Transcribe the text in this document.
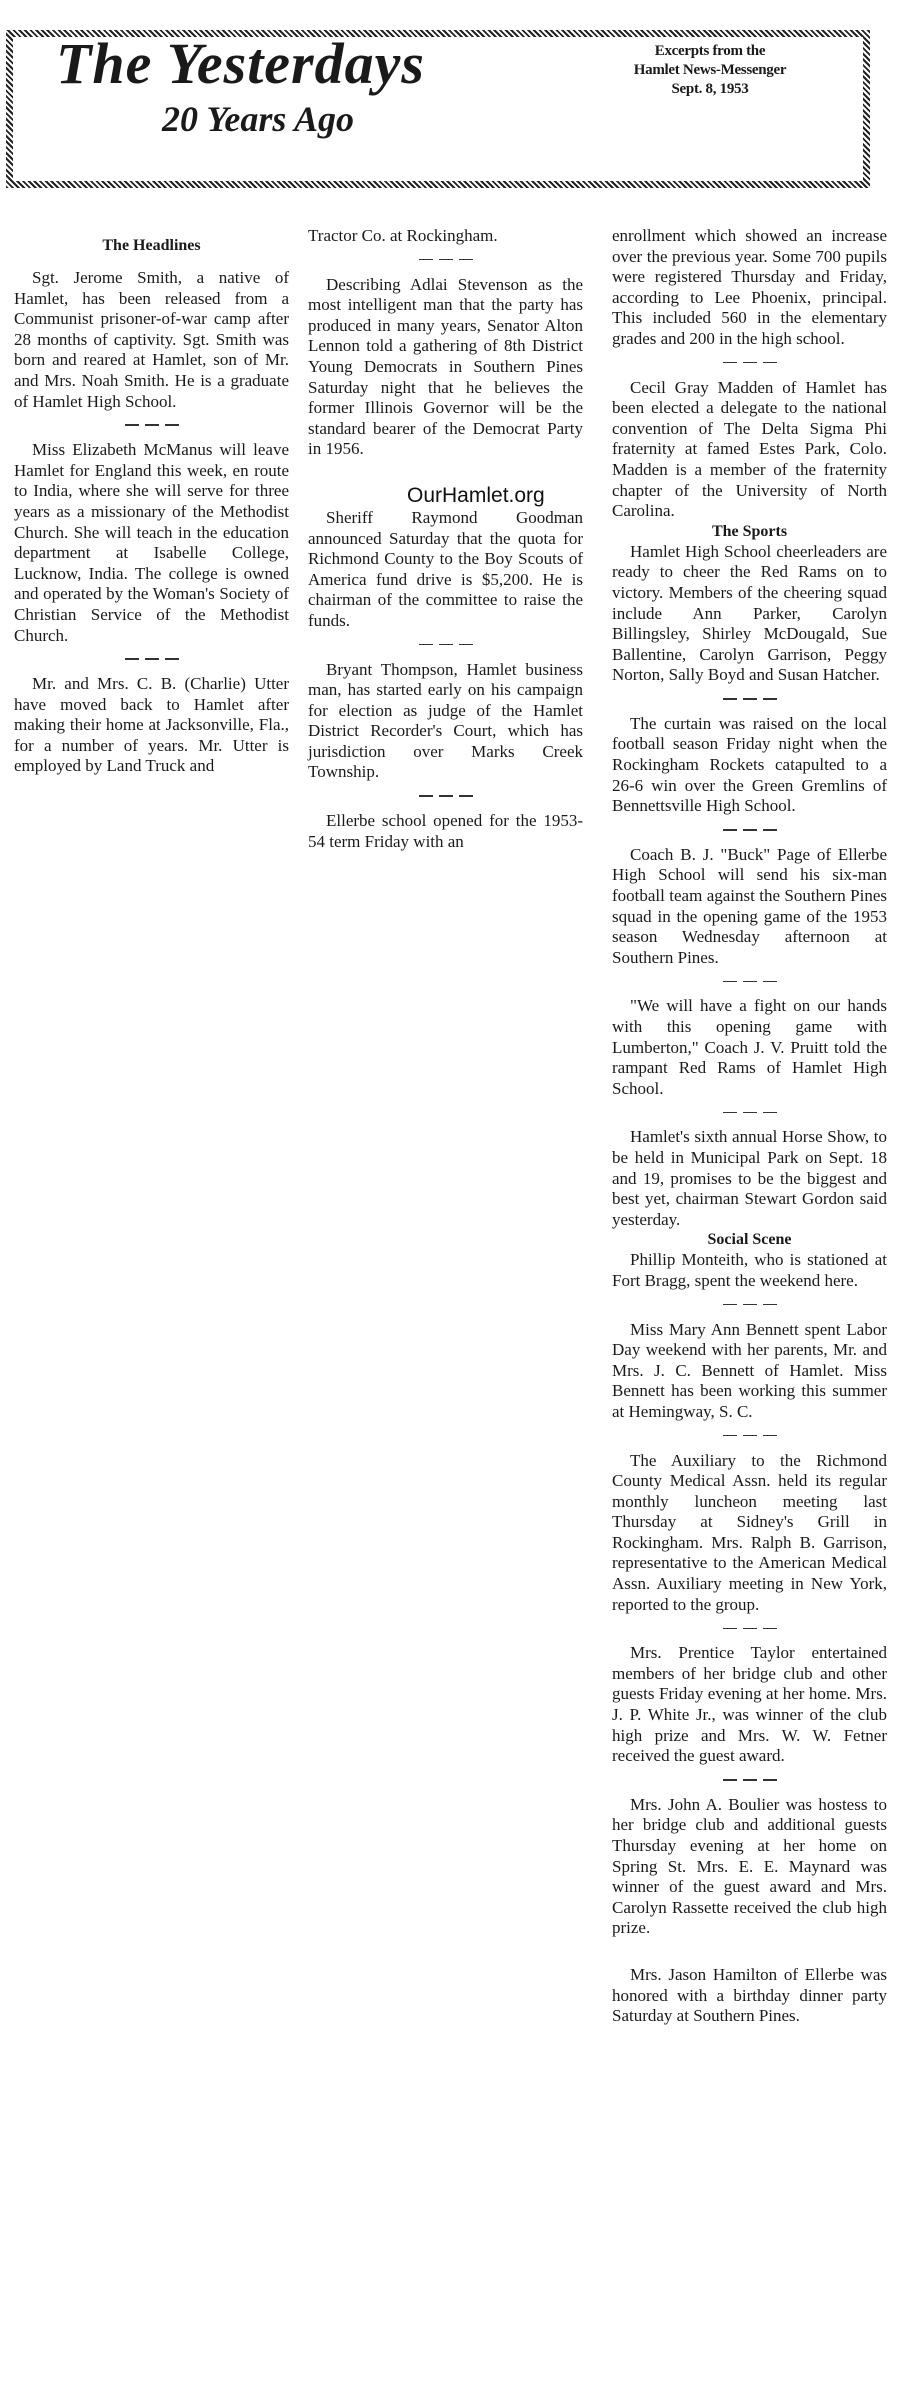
The Yesterdays
20 Years Ago
Excerpts from the
Hamlet News-Messenger
Sept. 8, 1953
The Headlines

Sgt. Jerome Smith, a native of Hamlet, has been released from a Communist prisoner-of-war camp after 28 months of captivity. Sgt. Smith was born and reared at Hamlet, son of Mr. and Mrs. Noah Smith. He is a graduate of Hamlet High School.

Miss Elizabeth McManus will leave Hamlet for England this week, en route to India, where she will serve for three years as a missionary of the Methodist Church. She will teach in the education department at Isabelle College, Lucknow, India. The college is owned and operated by the Woman's Society of Christian Service of the Methodist Church.

Mr. and Mrs. C. B. (Charlie) Utter have moved back to Hamlet after making their home at Jacksonville, Fla., for a number of years. Mr. Utter is employed by Land Truck and

Tractor Co. at Rockingham.

Describing Adlai Stevenson as the most intelligent man that the party has produced in many years, Senator Alton Lennon told a gathering of 8th District Young Democrats in Southern Pines Saturday night that he believes the former Illinois Governor will be the standard bearer of the Democrat Party in 1956.

Sheriff Raymond Goodman announced Saturday that the quota for Richmond County to the Boy Scouts of America fund drive is $5,200. He is chairman of the committee to raise the funds.

Bryant Thompson, Hamlet business man, has started early on his campaign for election as judge of the Hamlet District Recorder's Court, which has jurisdiction over Marks Creek Township.

Ellerbe school opened for the 1953-54 term Friday with an

enrollment which showed an increase over the previous year. Some 700 pupils were registered Thursday and Friday, according to Lee Phoenix, principal. This included 560 in the elementary grades and 200 in the high school.

Cecil Gray Madden of Hamlet has been elected a delegate to the national convention of The Delta Sigma Phi fraternity at famed Estes Park, Colo. Madden is a member of the fraternity chapter of the University of North Carolina.

The Sports

Hamlet High School cheerleaders are ready to cheer the Red Rams on to victory. Members of the cheering squad include Ann Parker, Carolyn Billingsley, Shirley McDougald, Sue Ballentine, Carolyn Garrison, Peggy Norton, Sally Boyd and Susan Hatcher.

The curtain was raised on the local football season Friday night when the Rockingham Rockets catapulted to a 26-6 win over the Green Gremlins of Bennettsville High School.

Coach B. J. "Buck" Page of Ellerbe High School will send his six-man football team against the Southern Pines squad in the opening game of the 1953 season Wednesday afternoon at Southern Pines.

"We will have a fight on our hands with this opening game with Lumberton," Coach J. V. Pruitt told the rampant Red Rams of Hamlet High School.

Hamlet's sixth annual Horse Show, to be held in Municipal Park on Sept. 18 and 19, promises to be the biggest and best yet, chairman Stewart Gordon said yesterday.

Social Scene

Phillip Monteith, who is stationed at Fort Bragg, spent the weekend here.

Miss Mary Ann Bennett spent Labor Day weekend with her parents, Mr. and Mrs. J. C. Bennett of Hamlet. Miss Bennett has been working this summer at Hemingway, S. C.

The Auxiliary to the Richmond County Medical Assn. held its regular monthly luncheon meeting last Thursday at Sidney's Grill in Rockingham. Mrs. Ralph B. Garrison, representative to the American Medical Assn. Auxiliary meeting in New York, reported to the group.

Mrs. Prentice Taylor entertained members of her bridge club and other guests Friday evening at her home. Mrs. J. P. White Jr., was winner of the club high prize and Mrs. W. W. Fetner received the guest award.

Mrs. John A. Boulier was hostess to her bridge club and additional guests Thursday evening at her home on Spring St. Mrs. E. E. Maynard was winner of the guest award and Mrs. Carolyn Rassette received the club high prize.

Mrs. Jason Hamilton of Ellerbe was honored with a birthday dinner party Saturday at Southern Pines.

OurHamlet.org
